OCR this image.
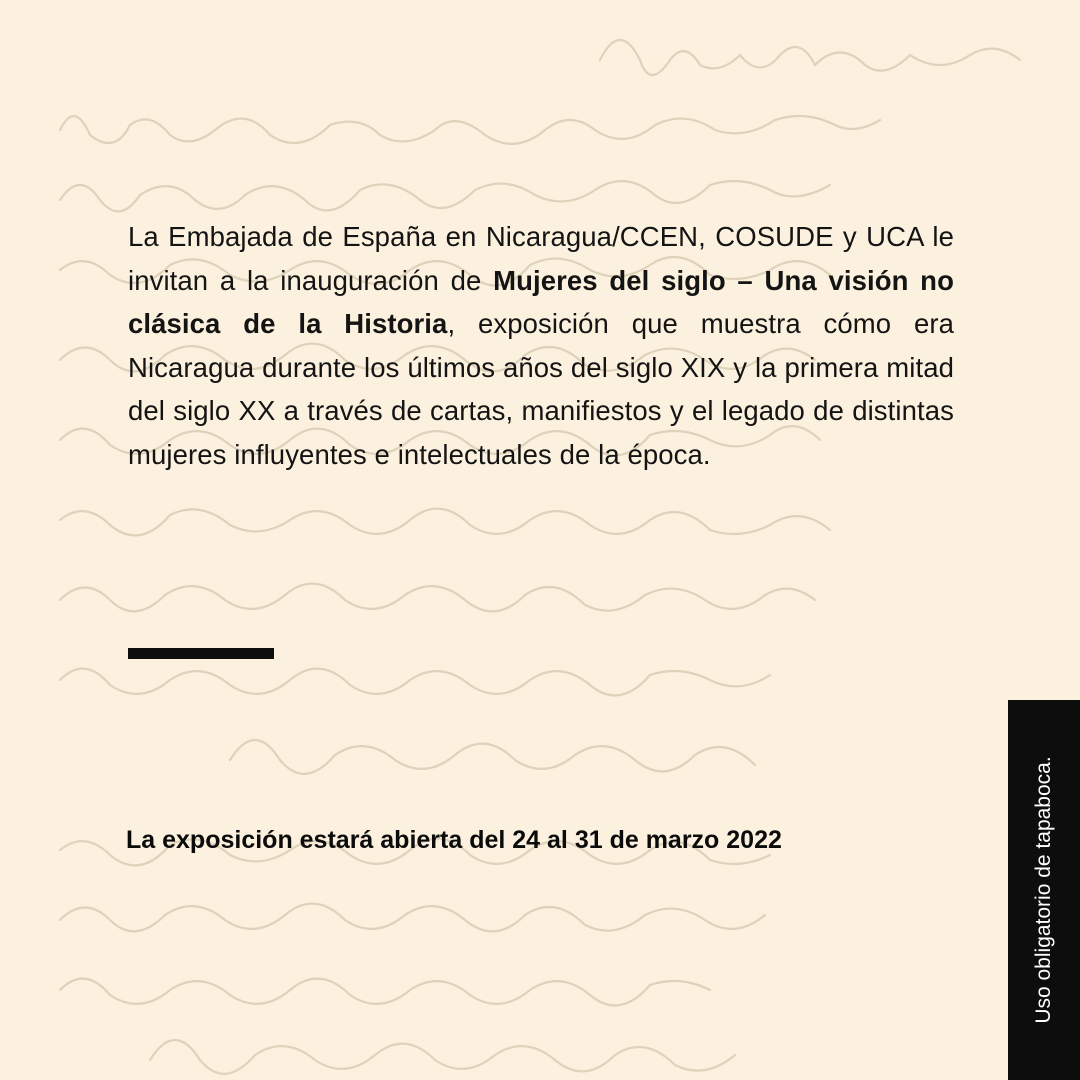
La Embajada de España en Nicaragua/CCEN, COSUDE y UCA le invitan a la inauguración de Mujeres del siglo – Una visión no clásica de la Historia, exposición que muestra cómo era Nicaragua durante los últimos años del siglo XIX y la primera mitad del siglo XX a través de cartas, manifiestos y el legado de distintas mujeres influyentes e intelectuales de la época.
La exposición estará abierta del 24 al 31 de marzo 2022	Uso obligatorio de tapaboca.
